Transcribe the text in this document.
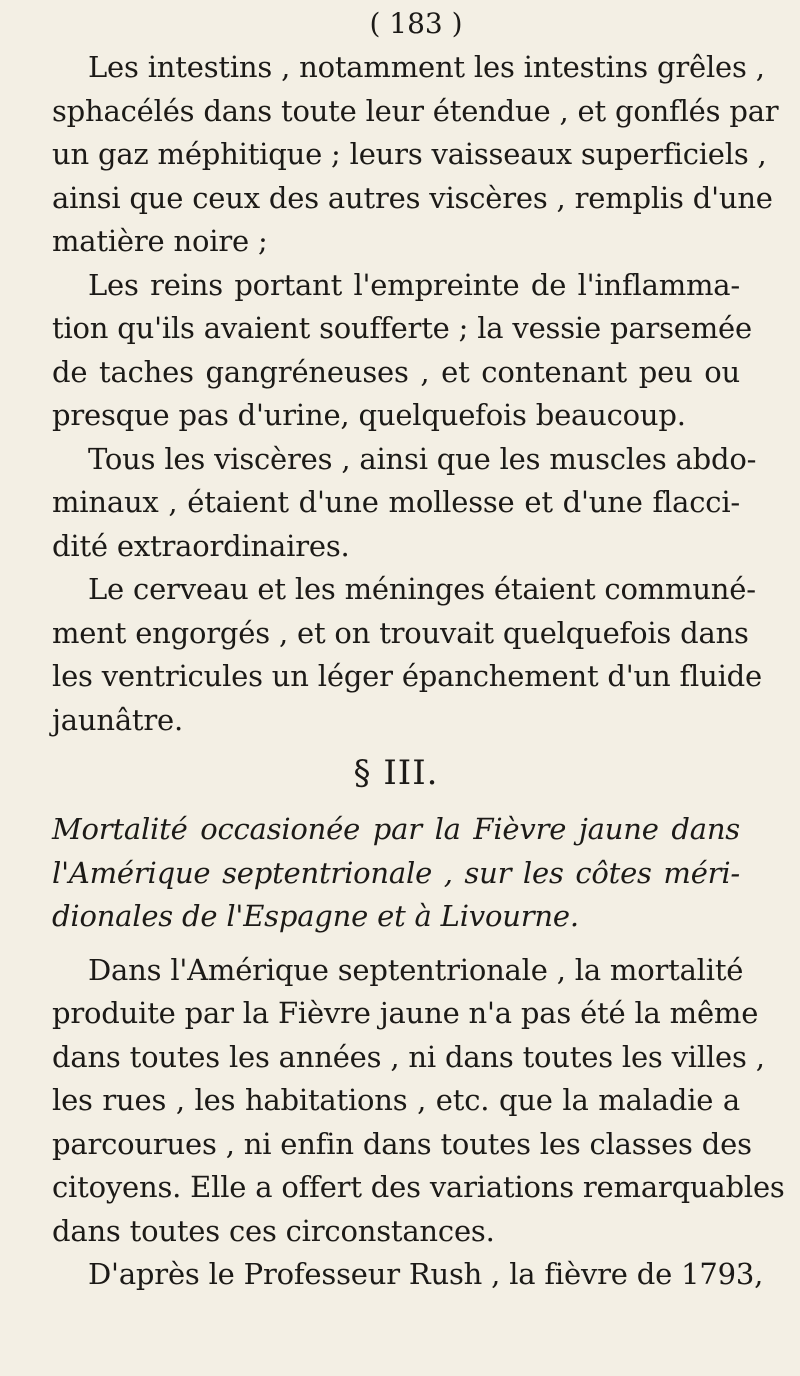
( 183 )
Les intestins , notamment les intestins grêles ,
sphacélés dans toute leur étendue , et gonflés par
un gaz méphitique ; leurs vaisseaux superficiels ,
ainsi que ceux des autres viscères , remplis d'une
matière noire ;
Les reins portant l'empreinte de l'inflamma-
tion qu'ils avaient soufferte ; la vessie parsemée
de taches gangréneuses , et contenant peu ou
presque pas d'urine, quelquefois beaucoup.
Tous les viscères , ainsi que les muscles abdo-
minaux , étaient d'une mollesse et d'une flacci-
dité extraordinaires.
Le cerveau et les méninges étaient communé-
ment engorgés , et on trouvait quelquefois dans
les ventricules un léger épanchement d'un fluide
jaunâtre.
§ III.
Mortalité occasionée par la Fièvre jaune dans
l'Amérique septentrionale , sur les côtes méri-
dionales de l'Espagne et à Livourne.
Dans l'Amérique septentrionale , la mortalité
produite par la Fièvre jaune n'a pas été la même
dans toutes les années , ni dans toutes les villes ,
les rues , les habitations , etc. que la maladie a
parcourues , ni enfin dans toutes les classes des
citoyens. Elle a offert des variations remarquables
dans toutes ces circonstances.
D'après le Professeur Rush , la fièvre de 1793,
